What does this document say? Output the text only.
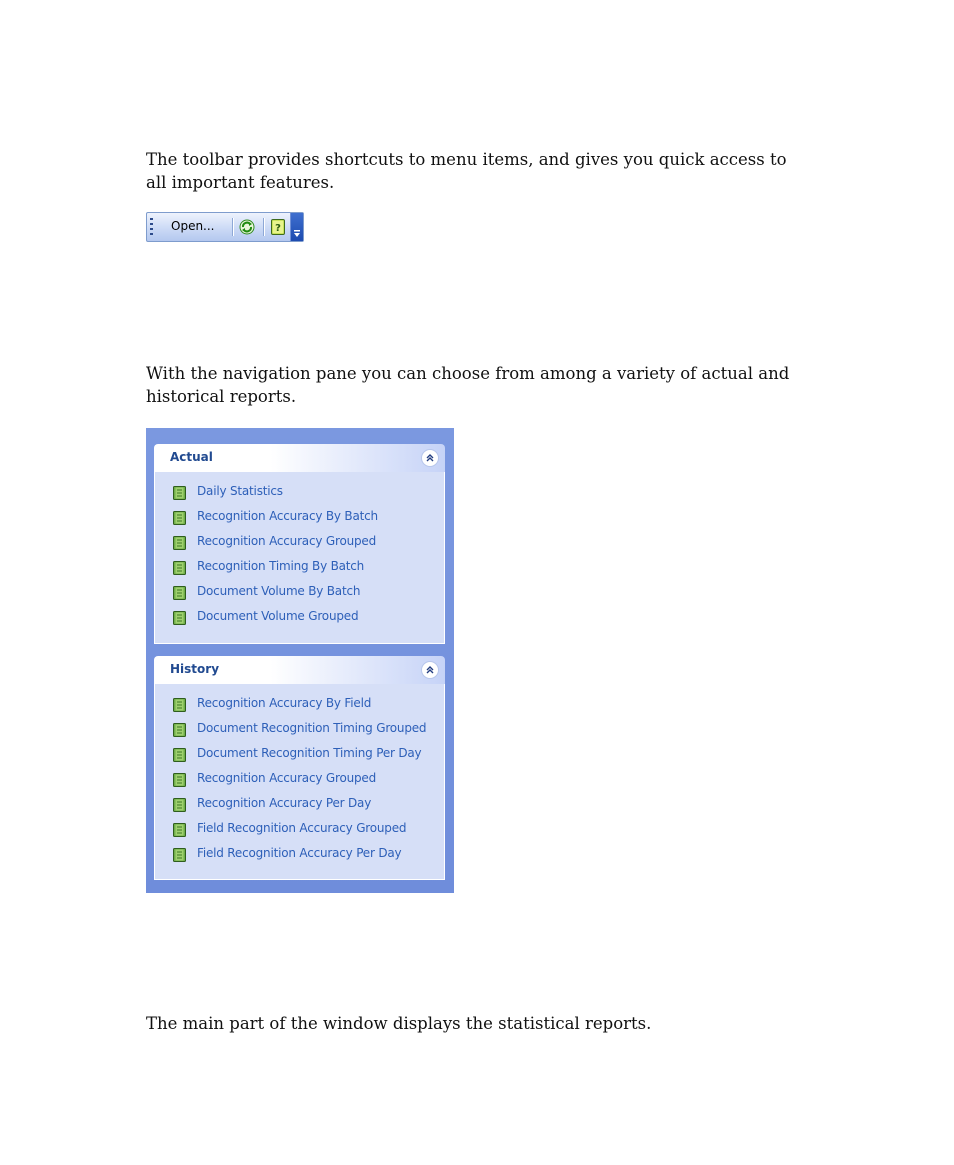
The toolbar provides shortcuts to menu items, and gives you quick access to all important features.

Open...	?

With the navigation pane you can choose from among a variety of actual and historical reports.

Actual
Daily Statistics
Recognition Accuracy By Batch
Recognition Accuracy Grouped
Recognition Timing By Batch
Document Volume By Batch
Document Volume Grouped
History
Recognition Accuracy By Field
Document Recognition Timing Grouped
Document Recognition Timing Per Day
Recognition Accuracy Grouped
Recognition Accuracy Per Day
Field Recognition Accuracy Grouped
Field Recognition Accuracy Per Day

The main part of the window displays the statistical reports.
